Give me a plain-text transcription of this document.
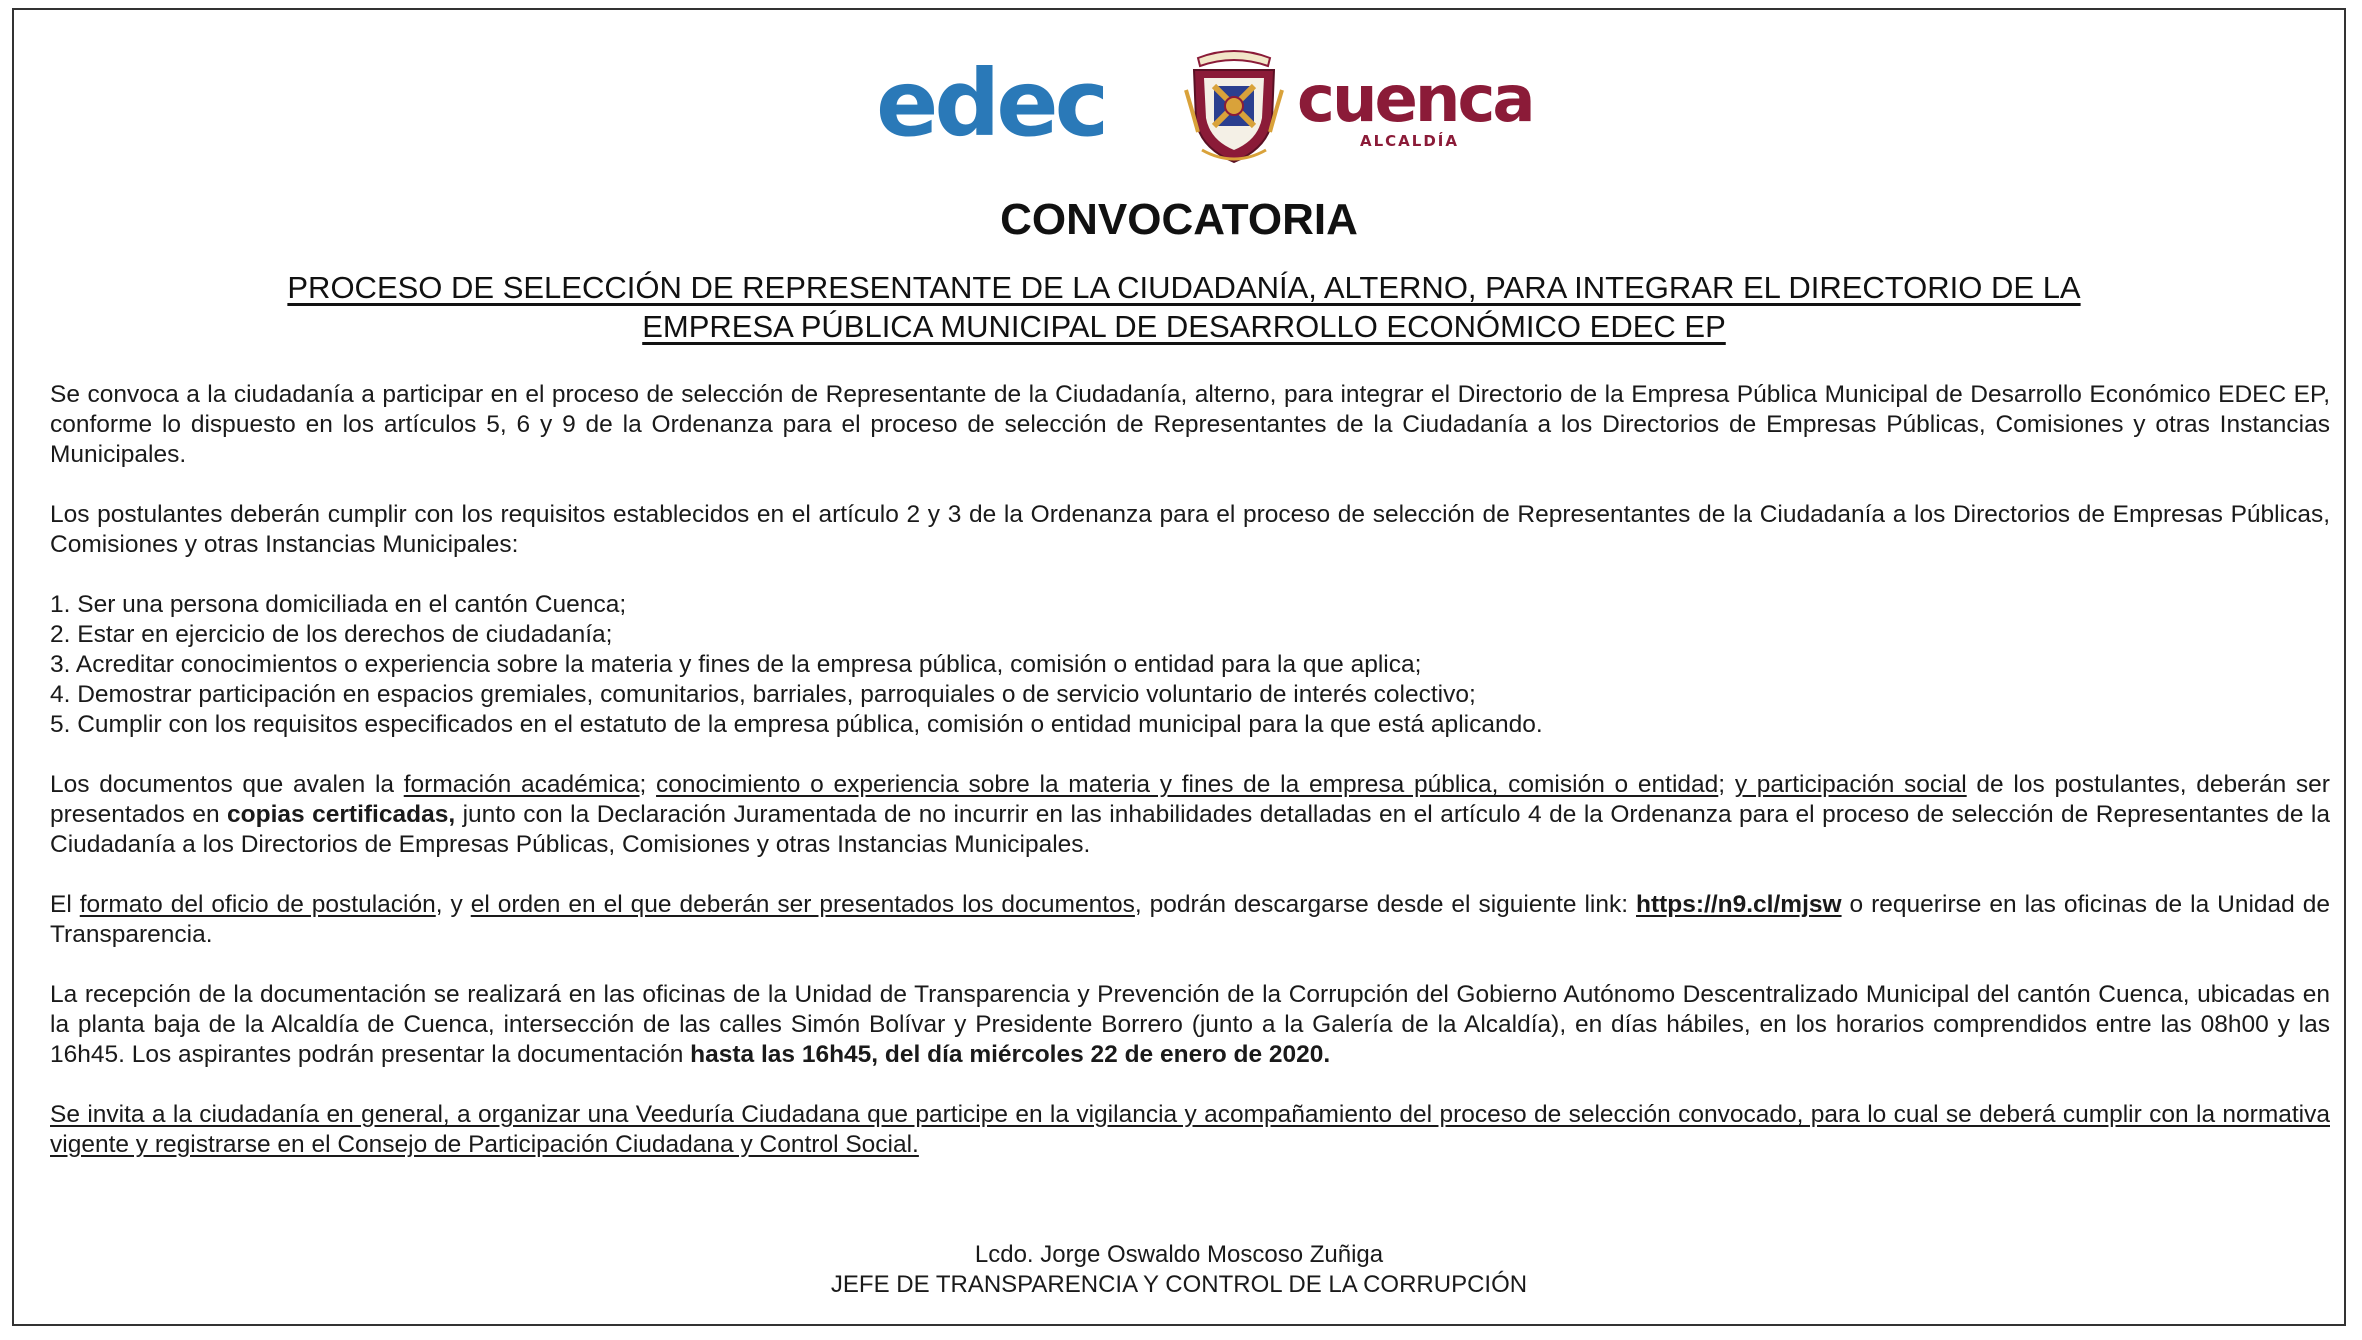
edec	cuenca
ALCALDÍA
CONVOCATORIA
PROCESO DE SELECCIÓN DE REPRESENTANTE DE LA CIUDADANÍA, ALTERNO, PARA INTEGRAR EL DIRECTORIO DE LA
EMPRESA PÚBLICA MUNICIPAL DE DESARROLLO ECONÓMICO EDEC EP

Se convoca a la ciudadanía a participar en el proceso de selección de Representante de la Ciudadanía, alterno, para integrar el Directorio de la Empresa Pública Municipal de Desarrollo Económico EDEC EP, conforme lo dispuesto en los artículos 5, 6 y 9 de la Ordenanza para el proceso de selección de Representantes de la Ciudadanía a los Directorios de Empresas Públicas, Comisiones y otras Instancias Municipales.

Los postulantes deberán cumplir con los requisitos establecidos en el artículo 2 y 3 de la Ordenanza para el proceso de selección de Representantes de la Ciudadanía a los Directorios de Empresas Públicas, Comisiones y otras Instancias Municipales:

1. Ser una persona domiciliada en el cantón Cuenca;
2. Estar en ejercicio de los derechos de ciudadanía;
3. Acreditar conocimientos o experiencia sobre la materia y fines de la empresa pública, comisión o entidad para la que aplica;
4. Demostrar participación en espacios gremiales, comunitarios, barriales, parroquiales o de servicio voluntario de interés colectivo;
5. Cumplir con los requisitos especificados en el estatuto de la empresa pública, comisión o entidad municipal para la que está aplicando.

Los documentos que avalen la formación académica; conocimiento o experiencia sobre la materia y fines de la empresa pública, comisión o entidad; y participación social de los postulantes, deberán ser presentados en copias certificadas, junto con la Declaración Juramentada de no incurrir en las inhabilidades detalladas en el artículo 4 de la Ordenanza para el proceso de selección de Representantes de la Ciudadanía a los Directorios de Empresas Públicas, Comisiones y otras Instancias Municipales.

El formato del oficio de postulación, y el orden en el que deberán ser presentados los documentos, podrán descargarse desde el siguiente link: https://n9.cl/mjsw o requerirse en las oficinas de la Unidad de Transparencia.

La recepción de la documentación se realizará en las oficinas de la Unidad de Transparencia y Prevención de la Corrupción del Gobierno Autónomo Descentralizado Municipal del cantón Cuenca, ubicadas en la planta baja de la Alcaldía de Cuenca, intersección de las calles Simón Bolívar y Presidente Borrero (junto a la Galería de la Alcaldía), en días hábiles, en los horarios comprendidos entre las 08h00 y las 16h45. Los aspirantes podrán presentar la documentación hasta las 16h45, del día miércoles 22 de enero de 2020.

Se invita a la ciudadanía en general, a organizar una Veeduría Ciudadana que participe en la vigilancia y acompañamiento del proceso de selección convocado, para lo cual se deberá cumplir con la normativa vigente y registrarse en el Consejo de Participación Ciudadana y Control Social.

Lcdo. Jorge Oswaldo Moscoso Zuñiga
JEFE DE TRANSPARENCIA Y CONTROL DE LA CORRUPCIÓN
